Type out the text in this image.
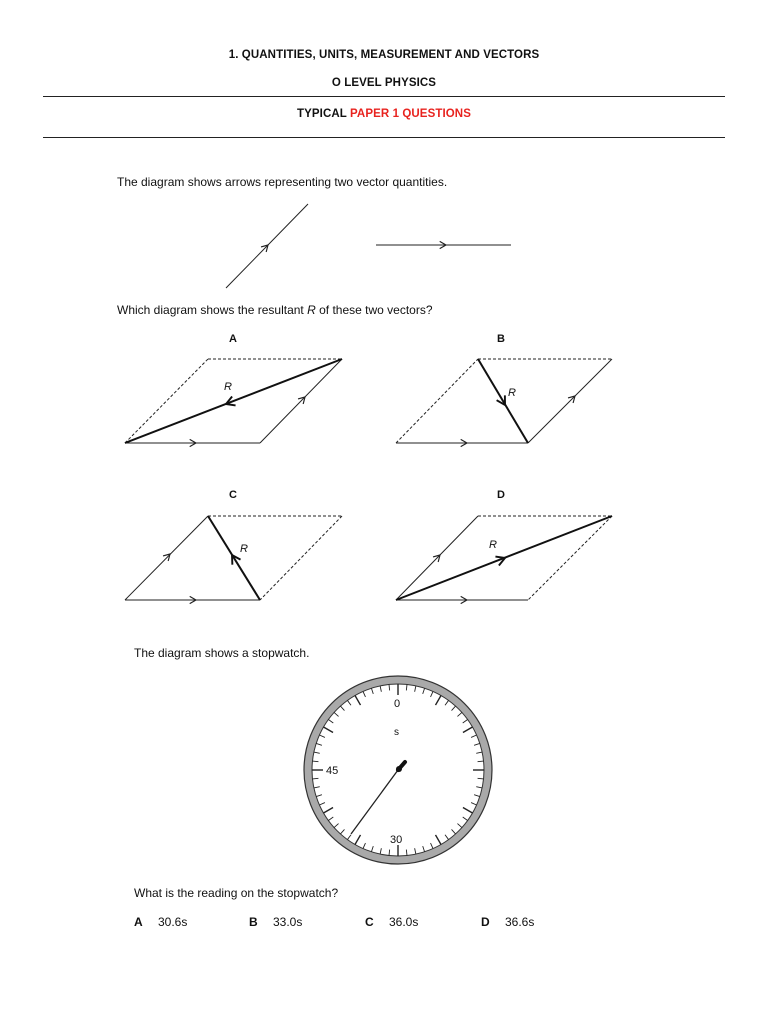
1. QUANTITIES, UNITS, MEASUREMENT AND VECTORS
O LEVEL PHYSICS
TYPICAL PAPER 1 QUESTIONS
The diagram shows arrows representing two vector quantities.
Which diagram shows the resultant R of these two vectors?
A	B
C	D
R	R
R	R
The diagram shows a stopwatch.
0
s
45
30
What is the reading on the stopwatch?
A 30.6s	B 33.0s	C 36.0s	D 36.6s
